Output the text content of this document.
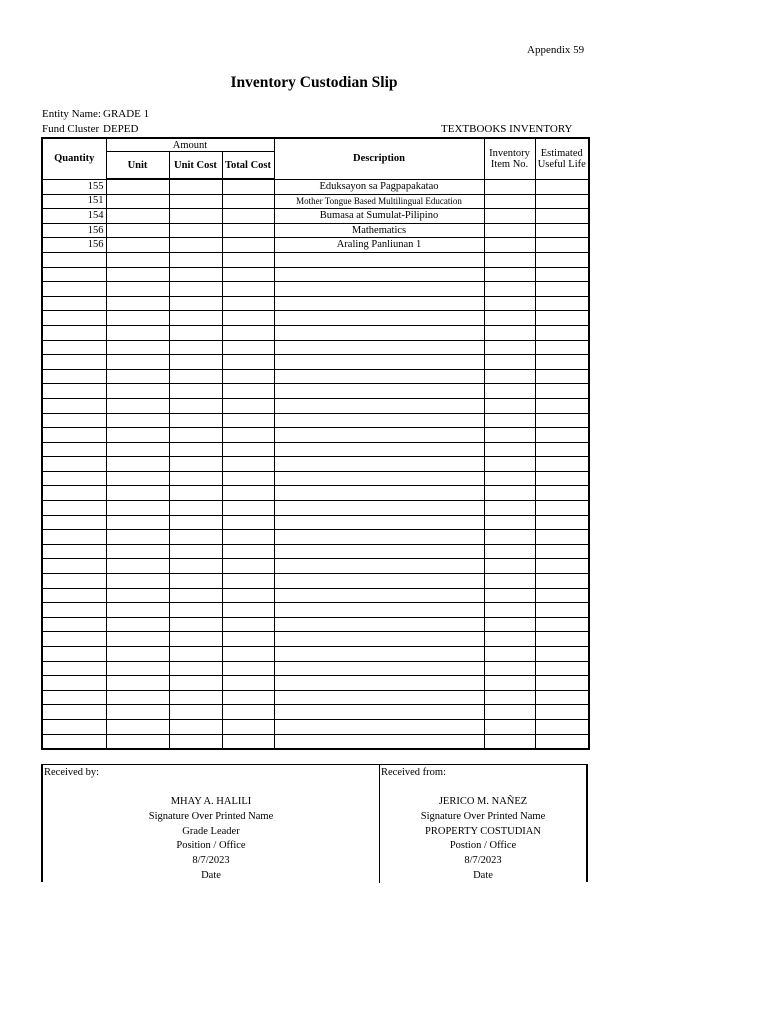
Appendix 59
Inventory Custodian Slip
Entity Name: GRADE 1
Fund Cluster DEPED	TEXTBOOKS INVENTORY
Quantity	Amount			Description	Inventory Item No.	Estimated Useful Life
	Unit	Unit Cost	Total Cost			
155				Eduksayon sa Pagpapakatao		
151				Mother Tongue Based Multilingual Education		
154				Bumasa at Sumulat-Pilipino		
156				Mathematics		
156				Araling Panliunan 1		

Received by:
MHAY A. HALILI
Signature Over Printed Name
Grade Leader
Position / Office
8/7/2023
Date
Received from:
JERICO M. NAÑEZ
Signature Over Printed Name
PROPERTY COSTUDIAN
Postion / Office
8/7/2023
Date
